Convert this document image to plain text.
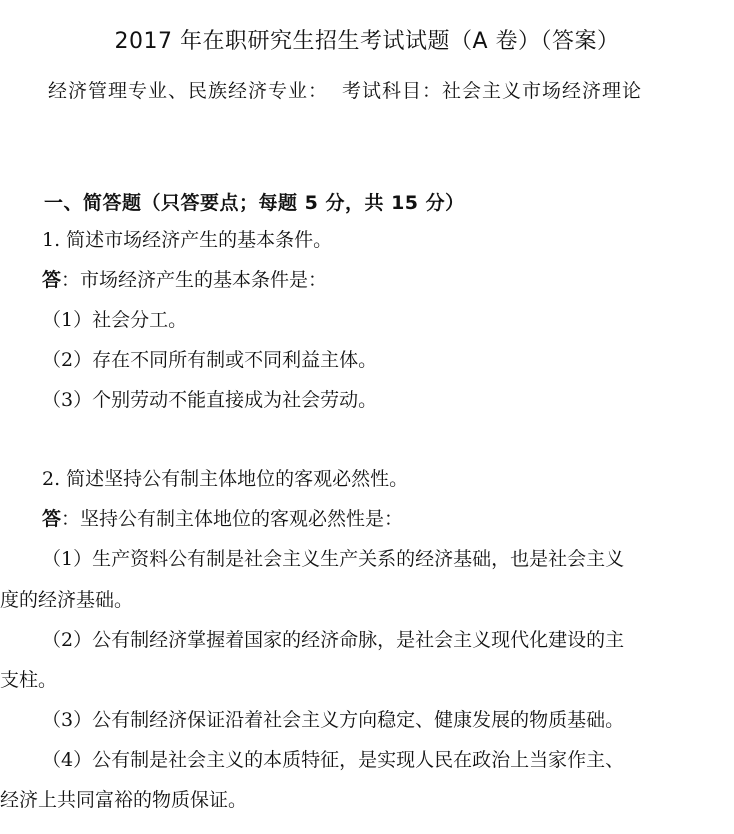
2017 年在职研究生招生考试试题（A 卷）（答案）
经济管理专业、民族经济专业： 考试科目：社会主义市场经济理论
一、简答题（只答要点；每题 5 分，共 15 分）
1. 简述市场经济产生的基本条件。
答：市场经济产生的基本条件是：
（1）社会分工。
（2）存在不同所有制或不同利益主体。
（3）个别劳动不能直接成为社会劳动。
2. 简述坚持公有制主体地位的客观必然性。
答：坚持公有制主体地位的客观必然性是：
（1）生产资料公有制是社会主义生产关系的经济基础，也是社会主义
度的经济基础。
（2）公有制经济掌握着国家的经济命脉，是社会主义现代化建设的主
支柱。
（3）公有制经济保证沿着社会主义方向稳定、健康发展的物质基础。
（4）公有制是社会主义的本质特征，是实现人民在政治上当家作主、
经济上共同富裕的物质保证。
